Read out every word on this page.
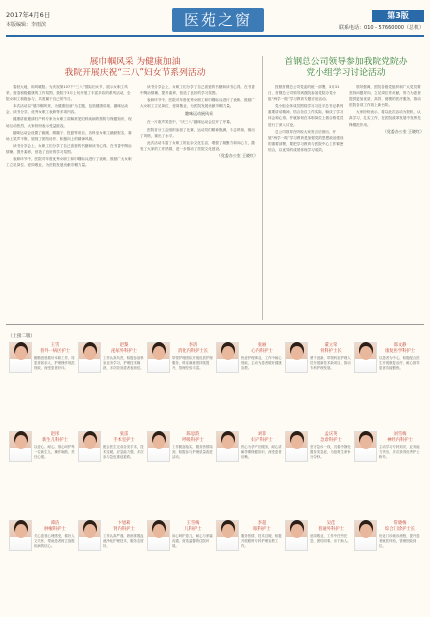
2017年4月6日
本版编辑：李雨滨	医苑之窗	第3版
联系电话：010 - 57660000（总机）
展巾帼风采 为健康加油
我院开展庆祝“三八”妇女节系列活动

春回大地，和风暖阳。为庆祝第107个“三八”国际妇女节，展示女职工风采，营造积极健康的工作氛围，我院于3月上旬开展了丰富多彩的系列活动，全院女职工积极参与，共度属于自己的节日。

本次活动以“展巾帼风采，为健康加油”为主题，包括健康讲座、趣味运动会、读书分享、优秀女职工表彰等多项内容。

健康讲座邀请妇产科专家为女职工讲解常见妇科疾病的预防与保健知识，现场互动热烈，大家纷纷表示受益匪浅。

趣味运动会设置了跳绳、踢毽子、投篮等项目，各科室女职工踊跃报名，赛场上笑声不断，展现了团结协作、积极向上的精神风貌。

读书分享会上，女职工们分享了自己喜爱的书籍和读书心得，在书香中陶冶情操、提升素养，营造了良好的学习氛围。

表彰环节中，医院对年度优秀女职工和巾帼标兵进行了表彰，鼓励广大女职工立足岗位、爱岗敬业，为医院发展贡献巾帼力量。

读书分享会上，女职工们分享了自己喜爱的书籍和读书心得，在书香中陶冶情操、提升素养，营造了良好的学习氛围。

表彰环节中，医院对年度优秀女职工和巾帼标兵进行了表彰，鼓励广大女职工立足岗位、爱岗敬业，为医院发展贡献巾帼力量。

趣味运动展风采

在一片欢声笑语中，“庆三八”趣味运动会拉开了序幕。

医院各分工会组织参加了比赛，运动员们精神饱满，斗志昂扬，赛出了风格，赛出了水平。

此次活动丰富了女职工的业余文化生活，增强了凝聚力和向心力，激发了大家的工作热情，进一步推动了医院文化建设。

（党委办公室 王晓红）
首钢总公司领导参加我院党院办
党小组学习讨论活动

按照首钢总公司党委的统一部署，3月31日，首钢总公司领导到我院参加党院办党小组“两学一做”学习教育专题讨论活动。

党小组全体成员围绕学习习近平总书记系列重要讲话精神，结合各自工作实际，畅谈了学习体会和心得，并就如何在本职岗位上做合格党员进行了深入讨论。

总公司领导在听取大家发言后指出，开展“两学一做”学习教育是加强党的思想政治建设的重要部署，要把学习教育与医院中心工作紧密结合，以优异的成绩体现学习成效。

领导强调，医院各级党组织和广大党员要坚持问题导向，立足岗位作贡献，努力为患者提供更加优质、高效、便捷的医疗服务，推动医院各项工作再上新台阶。

大家纷纷表示，将以此次活动为契机，认真学习、扎实工作，在医院改革发展中发挥先锋模范作用。

（党委办公室 王晓红）
（上接二版）
王雪
普外一病区护士
勤勤恳恳做好本职工作，待患者如亲人，护理操作规范细致，深受患者好评。
赵黎
泌尿外科护士
工作认真负责，积极参加科室业务学习，护理技术娴熟，多次收到患者表扬信。
李清
消化内科护士长
带领护理团队开展优质护理服务，科室满意度持续提升，管理经验丰富。
张丽
心内科护士
热爱护理事业，工作中耐心细致，主动为患者做好健康宣教。
董立荣
骨科护士长
勇于创新，带领科室护理人员开展新技术新项目，推动专科护理发展。
邵文静
康复医学科护士
以患者为中心，积极配合医生开展康复治疗，耐心指导患者功能锻炼。
赵彤
新生儿科护士
以爱心、耐心、细心呵护每一位新生儿，操作娴熟，责任心强。
张雷
手术室护士
配合医生完成各类手术，技术过硬，应急能力强，多次参与急危重症抢救。
陈思韵
呼吸科护士
工作勤奋踏实，服务热情周到，积极参与护理质量改进活动。
刘菲
妇产科护士
热心为孕产妇服务，耐心讲解孕期保健知识，深受患者信赖。
孟庆英
急诊科护士
坚守急诊一线，沉着冷静处置各类急症，为抢救生命争分夺秒。
刘雪梅
神经内科护士
主动学习专科知识，业务能力突出，多次获得优秀护士称号。
谭洁
肿瘤科护士
关心患者心理感受，做好人文关怀，帮助患者树立战胜疾病的信心。
卞旭莉
肾内科护士
工作认真严谨，熟练掌握血液净化护理技术，服务态度好。
王雪梅
儿科护士
用心呵护患儿，耐心与家属沟通，营造温馨的住院环境。
李超
眼科护士
服务热情，技术过硬，积极开展眼科专科护理宣教工作。
吴佳
普通外科护士
爱岗敬业，工作中任劳任怨，团结同事，乐于助人。
常晓梅
综合门诊护士长
优化门诊就诊流程，提升患者就医体验，管理细致到位。
